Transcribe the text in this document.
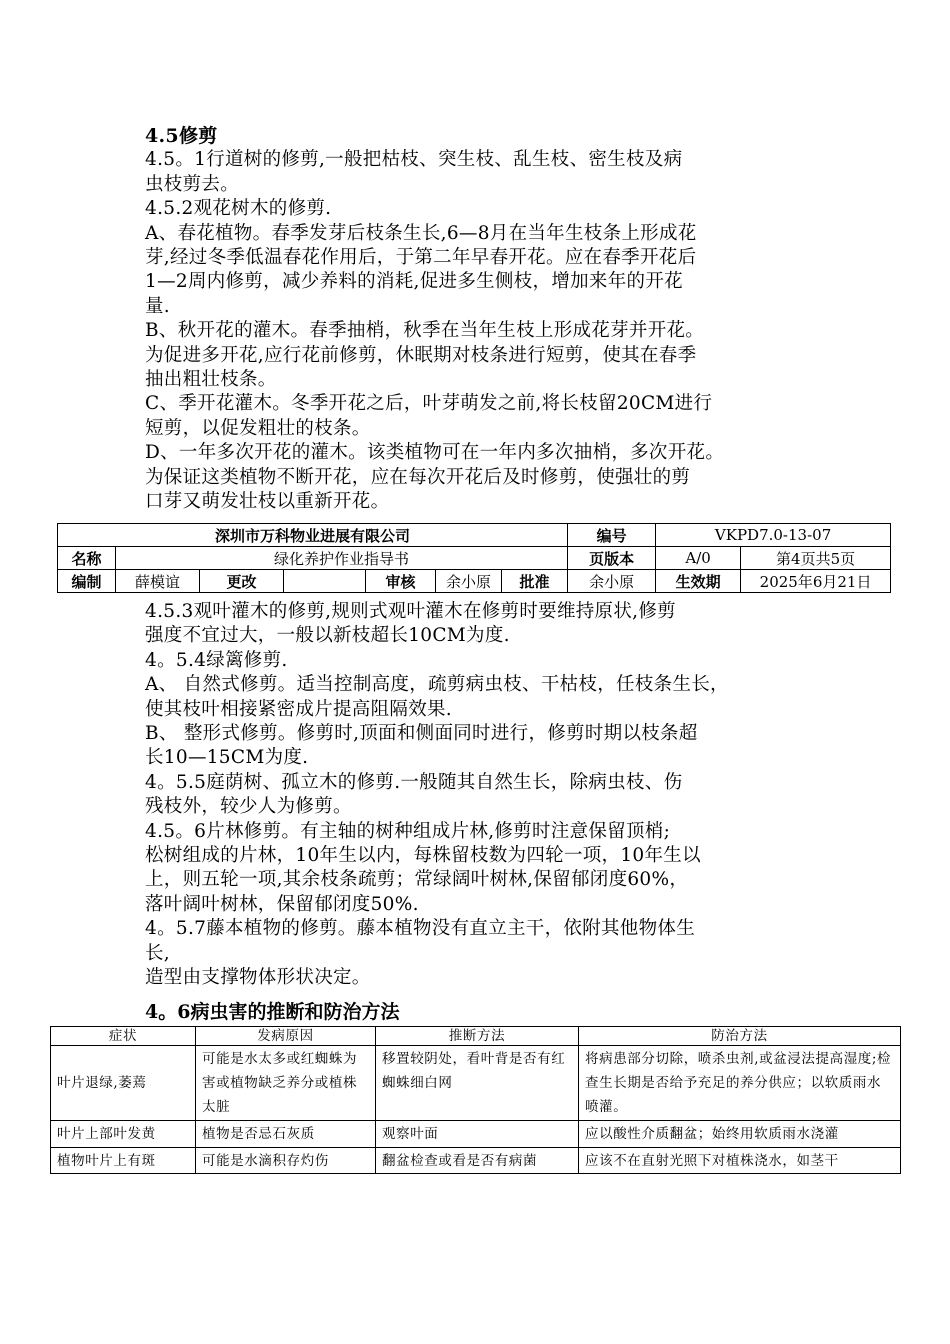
4.5修剪
4.5。1行道树的修剪,一般把枯枝、突生枝、乱生枝、密生枝及病
虫枝剪去。
4.5.2观花树木的修剪.
A、春花植物。春季发芽后枝条生长,6—8月在当年生枝条上形成花
芽,经过冬季低温春花作用后，于第二年早春开花。应在春季开花后
1—2周内修剪，减少养料的消耗,促进多生侧枝，增加来年的开花
量.
B、秋开花的灌木。春季抽梢，秋季在当年生枝上形成花芽并开花。
为促进多开花,应行花前修剪，休眠期对枝条进行短剪，使其在春季
抽出粗壮枝条。
C、季开花灌木。冬季开花之后，叶芽萌发之前,将长枝留20CM进行
短剪，以促发粗壮的枝条。
D、一年多次开花的灌木。该类植物可在一年内多次抽梢，多次开花。
为保证这类植物不断开花，应在每次开花后及时修剪，使强壮的剪
口芽又萌发壮枝以重新开花。
深圳市万科物业进展有限公司							编号	VKPD7.0-13-07	
名称	绿化养护作业指导书						页版本	A/0	第4页共5页
编制	薛模谊	更改		审核	余小原	批准	余小原	生效期	2025年6月21日
4.5.3观叶灌木的修剪,规则式观叶灌木在修剪时要维持原状,修剪
强度不宜过大，一般以新枝超长10CM为度.
4。5.4绿篱修剪.
A、 自然式修剪。适当控制高度，疏剪病虫枝、干枯枝，任枝条生长，
使其枝叶相接紧密成片提高阻隔效果.
B、 整形式修剪。修剪时,顶面和侧面同时进行，修剪时期以枝条超
长10—15CM为度.
4。5.5庭荫树、孤立木的修剪.一般随其自然生长，除病虫枝、伤
残枝外，较少人为修剪。
4.5。6片林修剪。有主轴的树种组成片林,修剪时注意保留顶梢;
松树组成的片林，10年生以内，每株留枝数为四轮一项，10年生以
上，则五轮一项,其余枝条疏剪；常绿阔叶树林,保留郁闭度60%，
落叶阔叶树林，保留郁闭度50%.
4。5.7藤本植物的修剪。藤本植物没有直立主干，依附其他物体生
长,
造型由支撑物体形状决定。
4。6病虫害的推断和防治方法
症状	发病原因	推断方法	防治方法
叶片退绿,萎蔫	可能是水太多或红蜘蛛为害或植物缺乏养分或植株太脏	移置较阴处，看叶背是否有红蜘蛛细白网	将病患部分切除，喷杀虫剂,或盆浸法提高湿度;检查生长期是否给予充足的养分供应；以软质雨水喷灌。
叶片上部叶发黄	植物是否忌石灰质	观察叶面	应以酸性介质翻盆；始终用软质雨水浇灌

植物叶片上有斑	可能是水滴积存灼伤	翻盆检查或看是否有病菌	应该不在直射光照下对植株浇水，如茎干
